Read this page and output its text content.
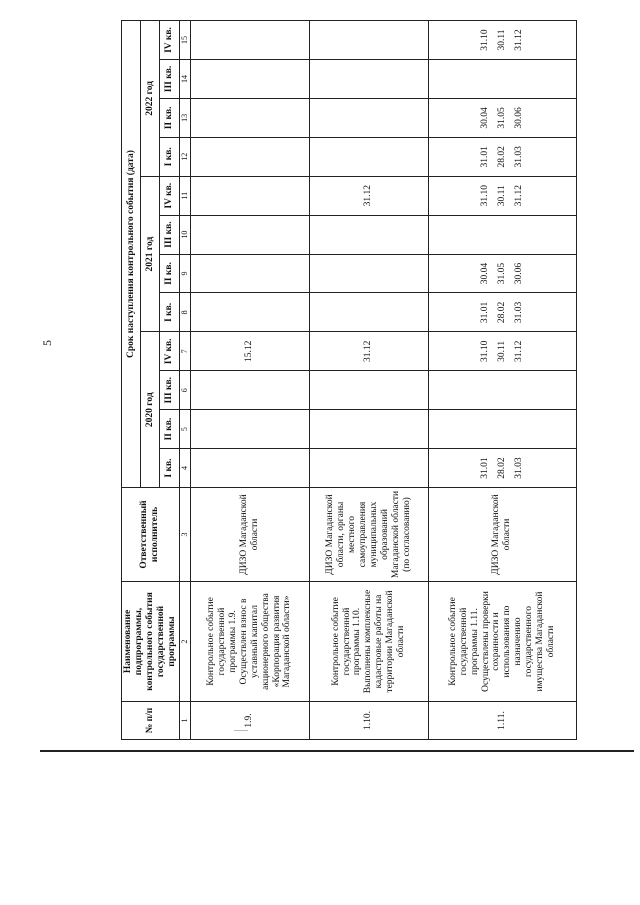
5
№ п/п	Наименование подпрограммы, контрольного события государственной программы	Ответственный исполнитель	Срок наступления контрольного события (дата)											
			2020 год				2021 год				2022 год			
			I кв.	II кв.	III кв.	IV кв.	I кв.	II кв.	III кв.	IV кв.	I кв.	II кв.	III кв.	IV кв.
1	2	3	4	5	6	7	8	9	10	11	12	13	14	15
1.9.	Контрольное событие государственной программы 1.9. Осуществлен взнос в уставный капитал акционерного общества «Корпорация развития Магаданской области»	ДИЗО Магаданской области				15.12								
1.10.	Контрольное событие государственной программы 1.10. Выполнены комплексные кадастровые работы на территории Магаданской области	ДИЗО Магаданской области, органы местного самоуправления муниципальных образований Магаданской области (по согласованию)				31.12				31.12				
1.11.	Контрольное событие государственной программы 1.11. Осуществлены проверки сохранности и использования по назначению государственного имущества Магаданской области	ДИЗО Магаданской области	31.01 28.02 31.03			31.10 30.11 31.12	31.01 28.02 31.03	30.04 31.05 30.06		31.10 30.11 31.12	31.01 28.02 31.03	30.04 31.05 30.06		31.10 30.11 31.12
